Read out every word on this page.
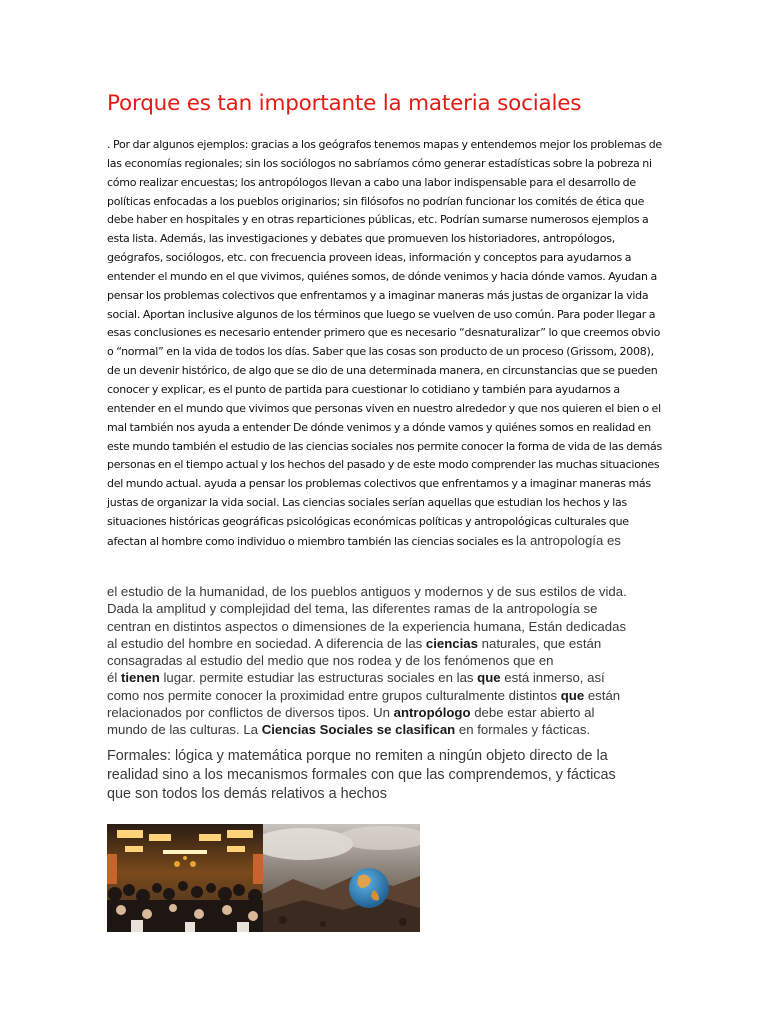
Porque es tan importante la materia sociales
. Por dar algunos ejemplos: gracias a los geógrafos tenemos mapas y entendemos mejor los problemas de las economías regionales; sin los sociólogos no sabríamos cómo generar estadísticas sobre la pobreza ni cómo realizar encuestas; los antropólogos llevan a cabo una labor indispensable para el desarrollo de políticas enfocadas a los pueblos originarios; sin filósofos no podrían funcionar los comités de ética que debe haber en hospitales y en otras reparticiones públicas, etc. Podrían sumarse numerosos ejemplos a esta lista. Además, las investigaciones y debates que promueven los historiadores, antropólogos, geógrafos, sociólogos, etc. con frecuencia proveen ideas, información y conceptos para ayudarnos a entender el mundo en el que vivimos, quiénes somos, de dónde venimos y hacia dónde vamos. Ayudan a pensar los problemas colectivos que enfrentamos y a imaginar maneras más justas de organizar la vida social. Aportan inclusive algunos de los términos que luego se vuelven de uso común. Para poder llegar a esas conclusiones es necesario entender primero que es necesario “desnaturalizar” lo que creemos obvio o “normal” en la vida de todos los días. Saber que las cosas son producto de un proceso (Grissom, 2008), de un devenir histórico, de algo que se dio de una determinada manera, en circunstancias que se pueden conocer y explicar, es el punto de partida para cuestionar lo cotidiano y también para ayudarnos a entender en el mundo que vivimos que personas viven en nuestro alrededor y que nos quieren el bien o el mal también nos ayuda a entender De dónde venimos y a dónde vamos y quiénes somos en realidad en este mundo también el estudio de las ciencias sociales nos permite conocer la forma de vida de las demás personas en el tiempo actual y los hechos del pasado y de este modo comprender las muchas situaciones del mundo actual. ayuda a pensar los problemas colectivos que enfrentamos y a imaginar maneras más justas de organizar la vida social. Las ciencias sociales serían aquellas que estudian los hechos y las situaciones históricas geográficas psicológicas económicas políticas y antropológicas culturales que afectan al hombre como individuo o miembro también las ciencias sociales es la antropología es
el estudio de la humanidad, de los pueblos antiguos y modernos y de sus estilos de vida.
Dada la amplitud y complejidad del tema, las diferentes ramas de la antropología se
centran en distintos aspectos o dimensiones de la experiencia humana, Están dedicadas
al estudio del hombre en sociedad. A diferencia de las ciencias naturales, que están
consagradas al estudio del medio que nos rodea y de los fenómenos que en
él tienen lugar. permite estudiar las estructuras sociales en las que está inmerso, así
como nos permite conocer la proximidad entre grupos culturalmente distintos que están
relacionados por conflictos de diversos tipos. Un antropólogo debe estar abierto al
mundo de las culturas. La Ciencias Sociales se clasifican en formales y fácticas.
Formales: lógica y matemática porque no remiten a ningún objeto directo de la
realidad sino a los mecanismos formales con que las comprendemos, y fácticas
que son todos los demás relativos a hechos
